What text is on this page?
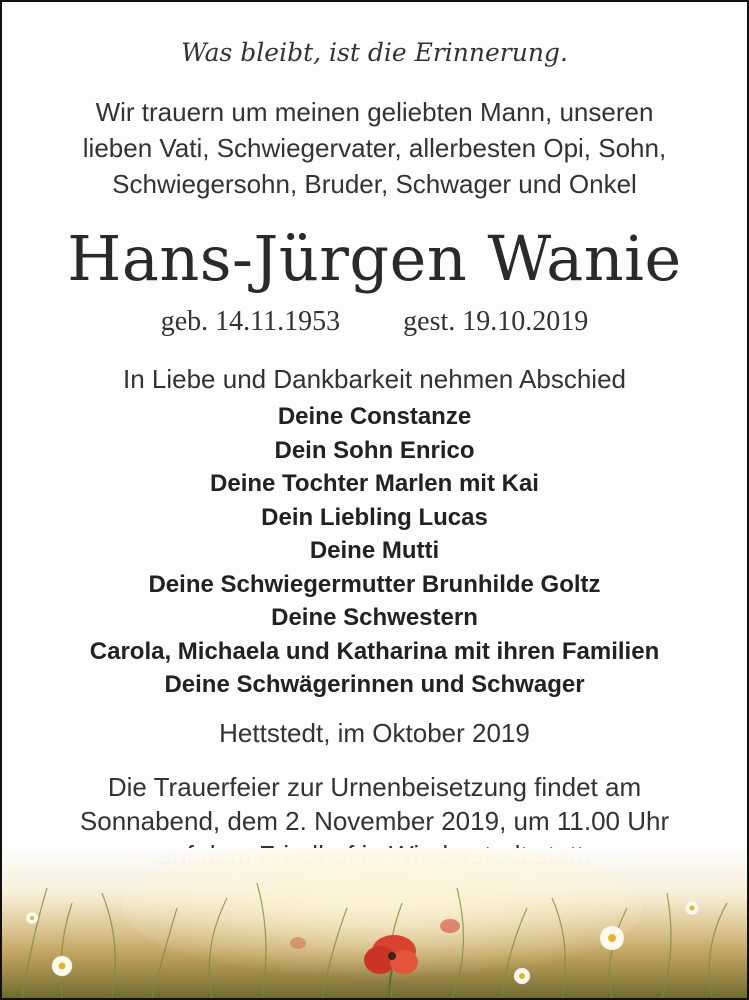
Was bleibt, ist die Erinnerung.
Wir trauern um meinen geliebten Mann, unseren
lieben Vati, Schwiegervater, allerbesten Opi, Sohn,
Schwiegersohn, Bruder, Schwager und Onkel
Hans-Jürgen Wanie
geb. 14.11.1953 gest. 19.10.2019
In Liebe und Dankbarkeit nehmen Abschied
Deine Constanze
Dein Sohn Enrico
Deine Tochter Marlen mit Kai
Dein Liebling Lucas
Deine Mutti
Deine Schwiegermutter Brunhilde Goltz
Deine Schwestern
Carola, Michaela und Katharina mit ihren Familien
Deine Schwägerinnen und Schwager
Hettstedt, im Oktober 2019
Die Trauerfeier zur Urnenbeisetzung findet am
Sonnabend, dem 2. November 2019, um 11.00 Uhr
